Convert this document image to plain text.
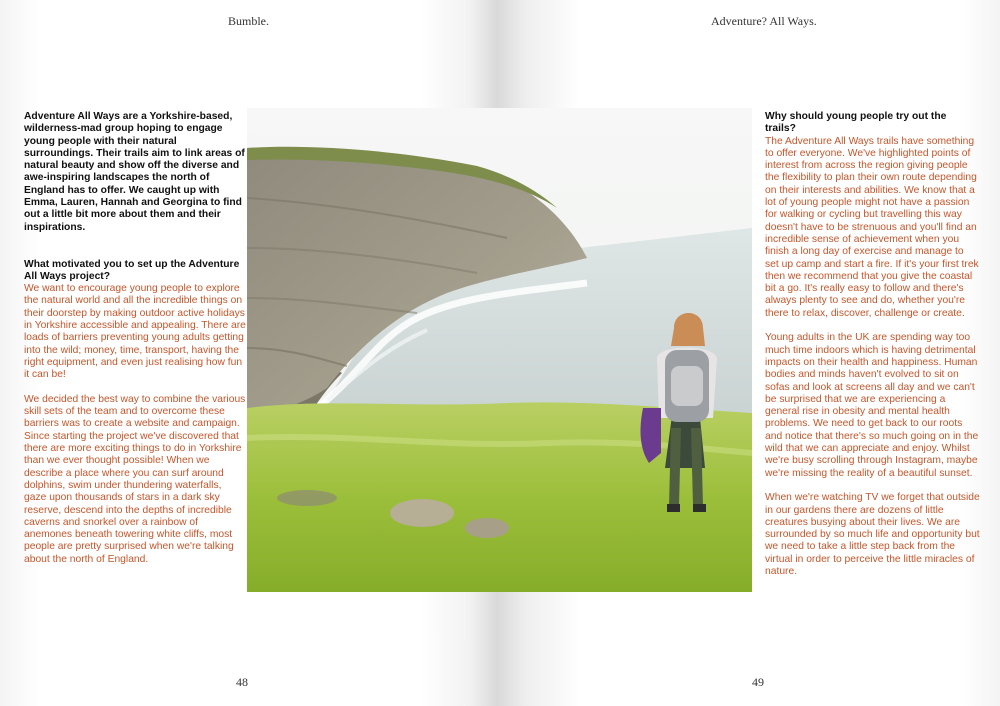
Bumble.	Adventure? All Ways.

Adventure All Ways are a Yorkshire-based, wilderness-mad group hoping to engage young people with their natural surroundings. Their trails aim to link areas of natural beauty and show off the diverse and awe-inspiring landscapes the north of England has to offer. We caught up with Emma, Lauren, Hannah and Georgina to find out a little bit more about them and their inspirations.

What motivated you to set up the Adventure All Ways project?

We want to encourage young people to explore the natural world and all the incredible things on their doorstep by making outdoor active holidays in Yorkshire accessible and appealing. There are loads of barriers preventing young adults getting into the wild; money, time, transport, having the right equipment, and even just realising how fun it can be!

We decided the best way to combine the various skill sets of the team and to overcome these barriers was to create a website and campaign. Since starting the project we've discovered that there are more exciting things to do in Yorkshire than we ever thought possible! When we describe a place where you can surf around dolphins, swim under thundering waterfalls, gaze upon thousands of stars in a dark sky reserve, descend into the depths of incredible caverns and snorkel over a rainbow of anemones beneath towering white cliffs, most people are pretty surprised when we're talking about the north of England.

Why should young people try out the trails?

The Adventure All Ways trails have something to offer everyone. We've highlighted points of interest from across the region giving people the flexibility to plan their own route depending on their interests and abilities. We know that a lot of young people might not have a passion for walking or cycling but travelling this way doesn't have to be strenuous and you'll find an incredible sense of achievement when you finish a long day of exercise and manage to set up camp and start a fire. If it's your first trek then we recommend that you give the coastal bit a go. It's really easy to follow and there's always plenty to see and do, whether you're there to relax, discover, challenge or create.

Young adults in the UK are spending way too much time indoors which is having detrimental impacts on their health and happiness. Human bodies and minds haven't evolved to sit on sofas and look at screens all day and we can't be surprised that we are experiencing a general rise in obesity and mental health problems. We need to get back to our roots and notice that there's so much going on in the wild that we can appreciate and enjoy. Whilst we're busy scrolling through Instagram, maybe we're missing the reality of a beautiful sunset.

When we're watching TV we forget that outside in our gardens there are dozens of little creatures busying about their lives. We are surrounded by so much life and opportunity but we need to take a little step back from the virtual in order to perceive the little miracles of nature.

48	49
